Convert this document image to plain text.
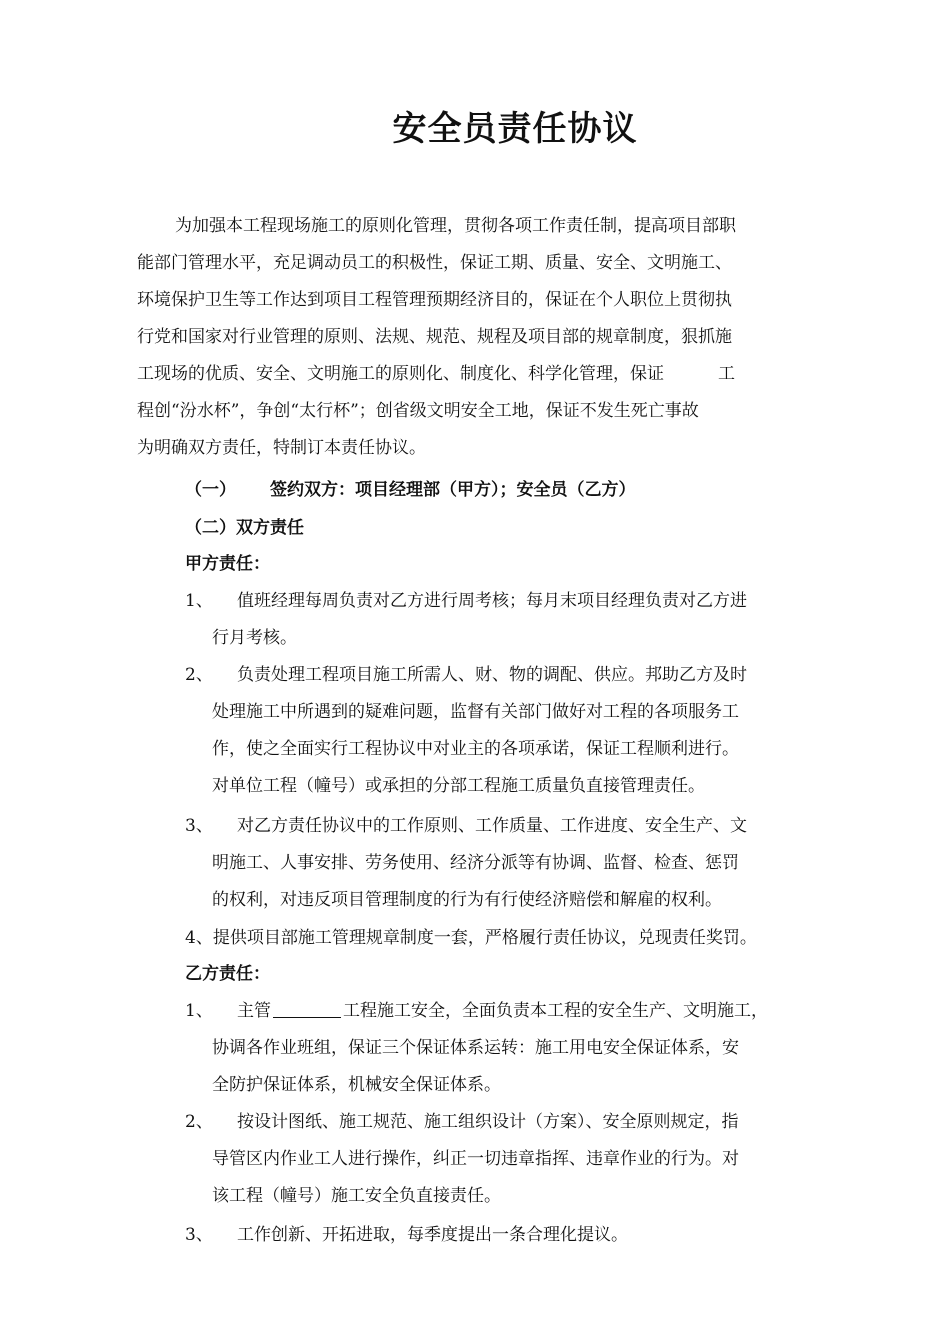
安全员责任协议
为加强本工程现场施工的原则化管理，贯彻各项工作责任制，提高项目部职
能部门管理水平，充足调动员工的积极性，保证工期、质量、安全、文明施工、
环境保护卫生等工作达到项目工程管理预期经济目的，保证在个人职位上贯彻执
行党和国家对行业管理的原则、法规、规范、规程及项目部的规章制度，狠抓施
工现场的优质、安全、文明施工的原则化、制度化、科学化管理，保证          工
程创“汾水杯”，争创“太行杯”；创省级文明安全工地，保证不发生死亡事故
为明确双方责任，特制订本责任协议。
（一） 签约双方：项目经理部（甲方）；安全员（乙方）
（二）双方责任
甲方责任：
1、	值班经理每周负责对乙方进行周考核；每月末项目经理负责对乙方进
行月考核。
2、	负责处理工程项目施工所需人、财、物的调配、供应。邦助乙方及时
处理施工中所遇到的疑难问题，监督有关部门做好对工程的各项服务工
作，使之全面实行工程协议中对业主的各项承诺，保证工程顺利进行。
对单位工程（幢号）或承担的分部工程施工质量负直接管理责任。
3、	对乙方责任协议中的工作原则、工作质量、工作进度、安全生产、文
明施工、人事安排、劳务使用、经济分派等有协调、监督、检查、惩罚
的权利，对违反项目管理制度的行为有行使经济赔偿和解雇的权利。
4、提供项目部施工管理规章制度一套，严格履行责任协议，兑现责任奖罚。
乙方责任：
1、	主管	工程施工安全，全面负责本工程的安全生产、文明施工，
协调各作业班组，保证三个保证体系运转：施工用电安全保证体系，安
全防护保证体系，机械安全保证体系。
2、	按设计图纸、施工规范、施工组织设计（方案）、安全原则规定，指
导管区内作业工人进行操作，纠正一切违章指挥、违章作业的行为。对
该工程（幢号）施工安全负直接责任。
3、	工作创新、开拓进取，每季度提出一条合理化提议。
